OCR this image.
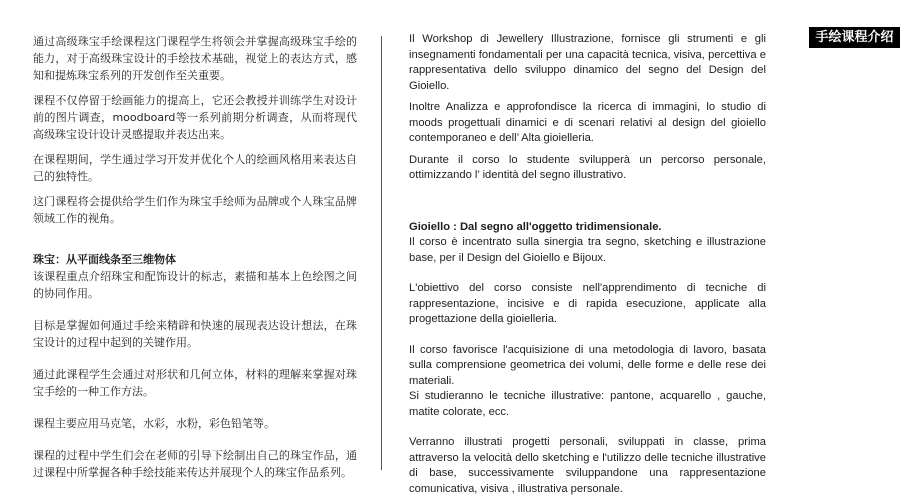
手绘课程介绍

通过高级珠宝手绘课程这门课程学生将领会并掌握高级珠宝手绘的能力，对于高级珠宝设计的手绘技术基础，视觉上的表达方式，感知和提炼珠宝系列的开发创作至关重要。

课程不仅停留于绘画能力的提高上，它还会教授并训练学生对设计前的图片调查，moodboard等一系列前期分析调查，从而将现代高级珠宝设计设计灵感提取并表达出来。

在课程期间，学生通过学习开发并优化个人的绘画风格用来表达自己的独特性。

这门课程将会提供给学生们作为珠宝手绘师为品牌或个人珠宝品牌领域工作的视角。

珠宝：从平面线条至三维物体

该课程重点介绍珠宝和配饰设计的标志，素描和基本上色绘图之间的协同作用。

目标是掌握如何通过手绘来精辟和快速的展现表达设计想法，在珠宝设计的过程中起到的关键作用。

通过此课程学生会通过对形状和几何立体，材料的理解来掌握对珠宝手绘的一种工作方法。

课程主要应用马克笔，水彩，水粉，彩色铅笔等。

课程的过程中学生们会在老师的引导下绘制出自己的珠宝作品，通过课程中所掌握各种手绘技能来传达并展现个人的珠宝作品系列。

Il Workshop di Jewellery Illustrazione, fornisce gli strumenti e gli insegnamenti fondamentali per una capacità tecnica, visiva, percettiva e rappresentativa dello sviluppo dinamico del segno del Design del Gioiello.

Inoltre Analizza e approfondisce la ricerca di immagini, lo studio di moods progettuali dinamici e di scenari relativi al design del gioiello contemporaneo e dell’ Alta gioielleria.

Durante il corso lo studente svilupperà un percorso personale, ottimizzando l’ identità del segno illustrativo.

Gioiello : Dal segno all'oggetto tridimensionale.

Il corso è incentrato sulla sinergia tra segno, sketching e illustrazione base, per il Design del Gioiello e Bijoux.

L'obiettivo del corso consiste nell'apprendimento di tecniche di rappresentazione, incisive e di rapida esecuzione, applicate alla progettazione della gioielleria.

Il corso favorisce l'acquisizione di una metodologia di lavoro, basata sulla comprensione geometrica dei volumi, delle forme e delle rese dei materiali.

Si studieranno le tecniche illustrative: pantone, acquarello , gauche, matite colorate, ecc.

Verranno illustrati progetti personali, sviluppati in classe, prima attraverso la velocità dello sketching e l'utilizzo delle tecniche illustrative di base, successivamente sviluppandone una rappresentazione comunicativa, visiva , illustrativa personale.
